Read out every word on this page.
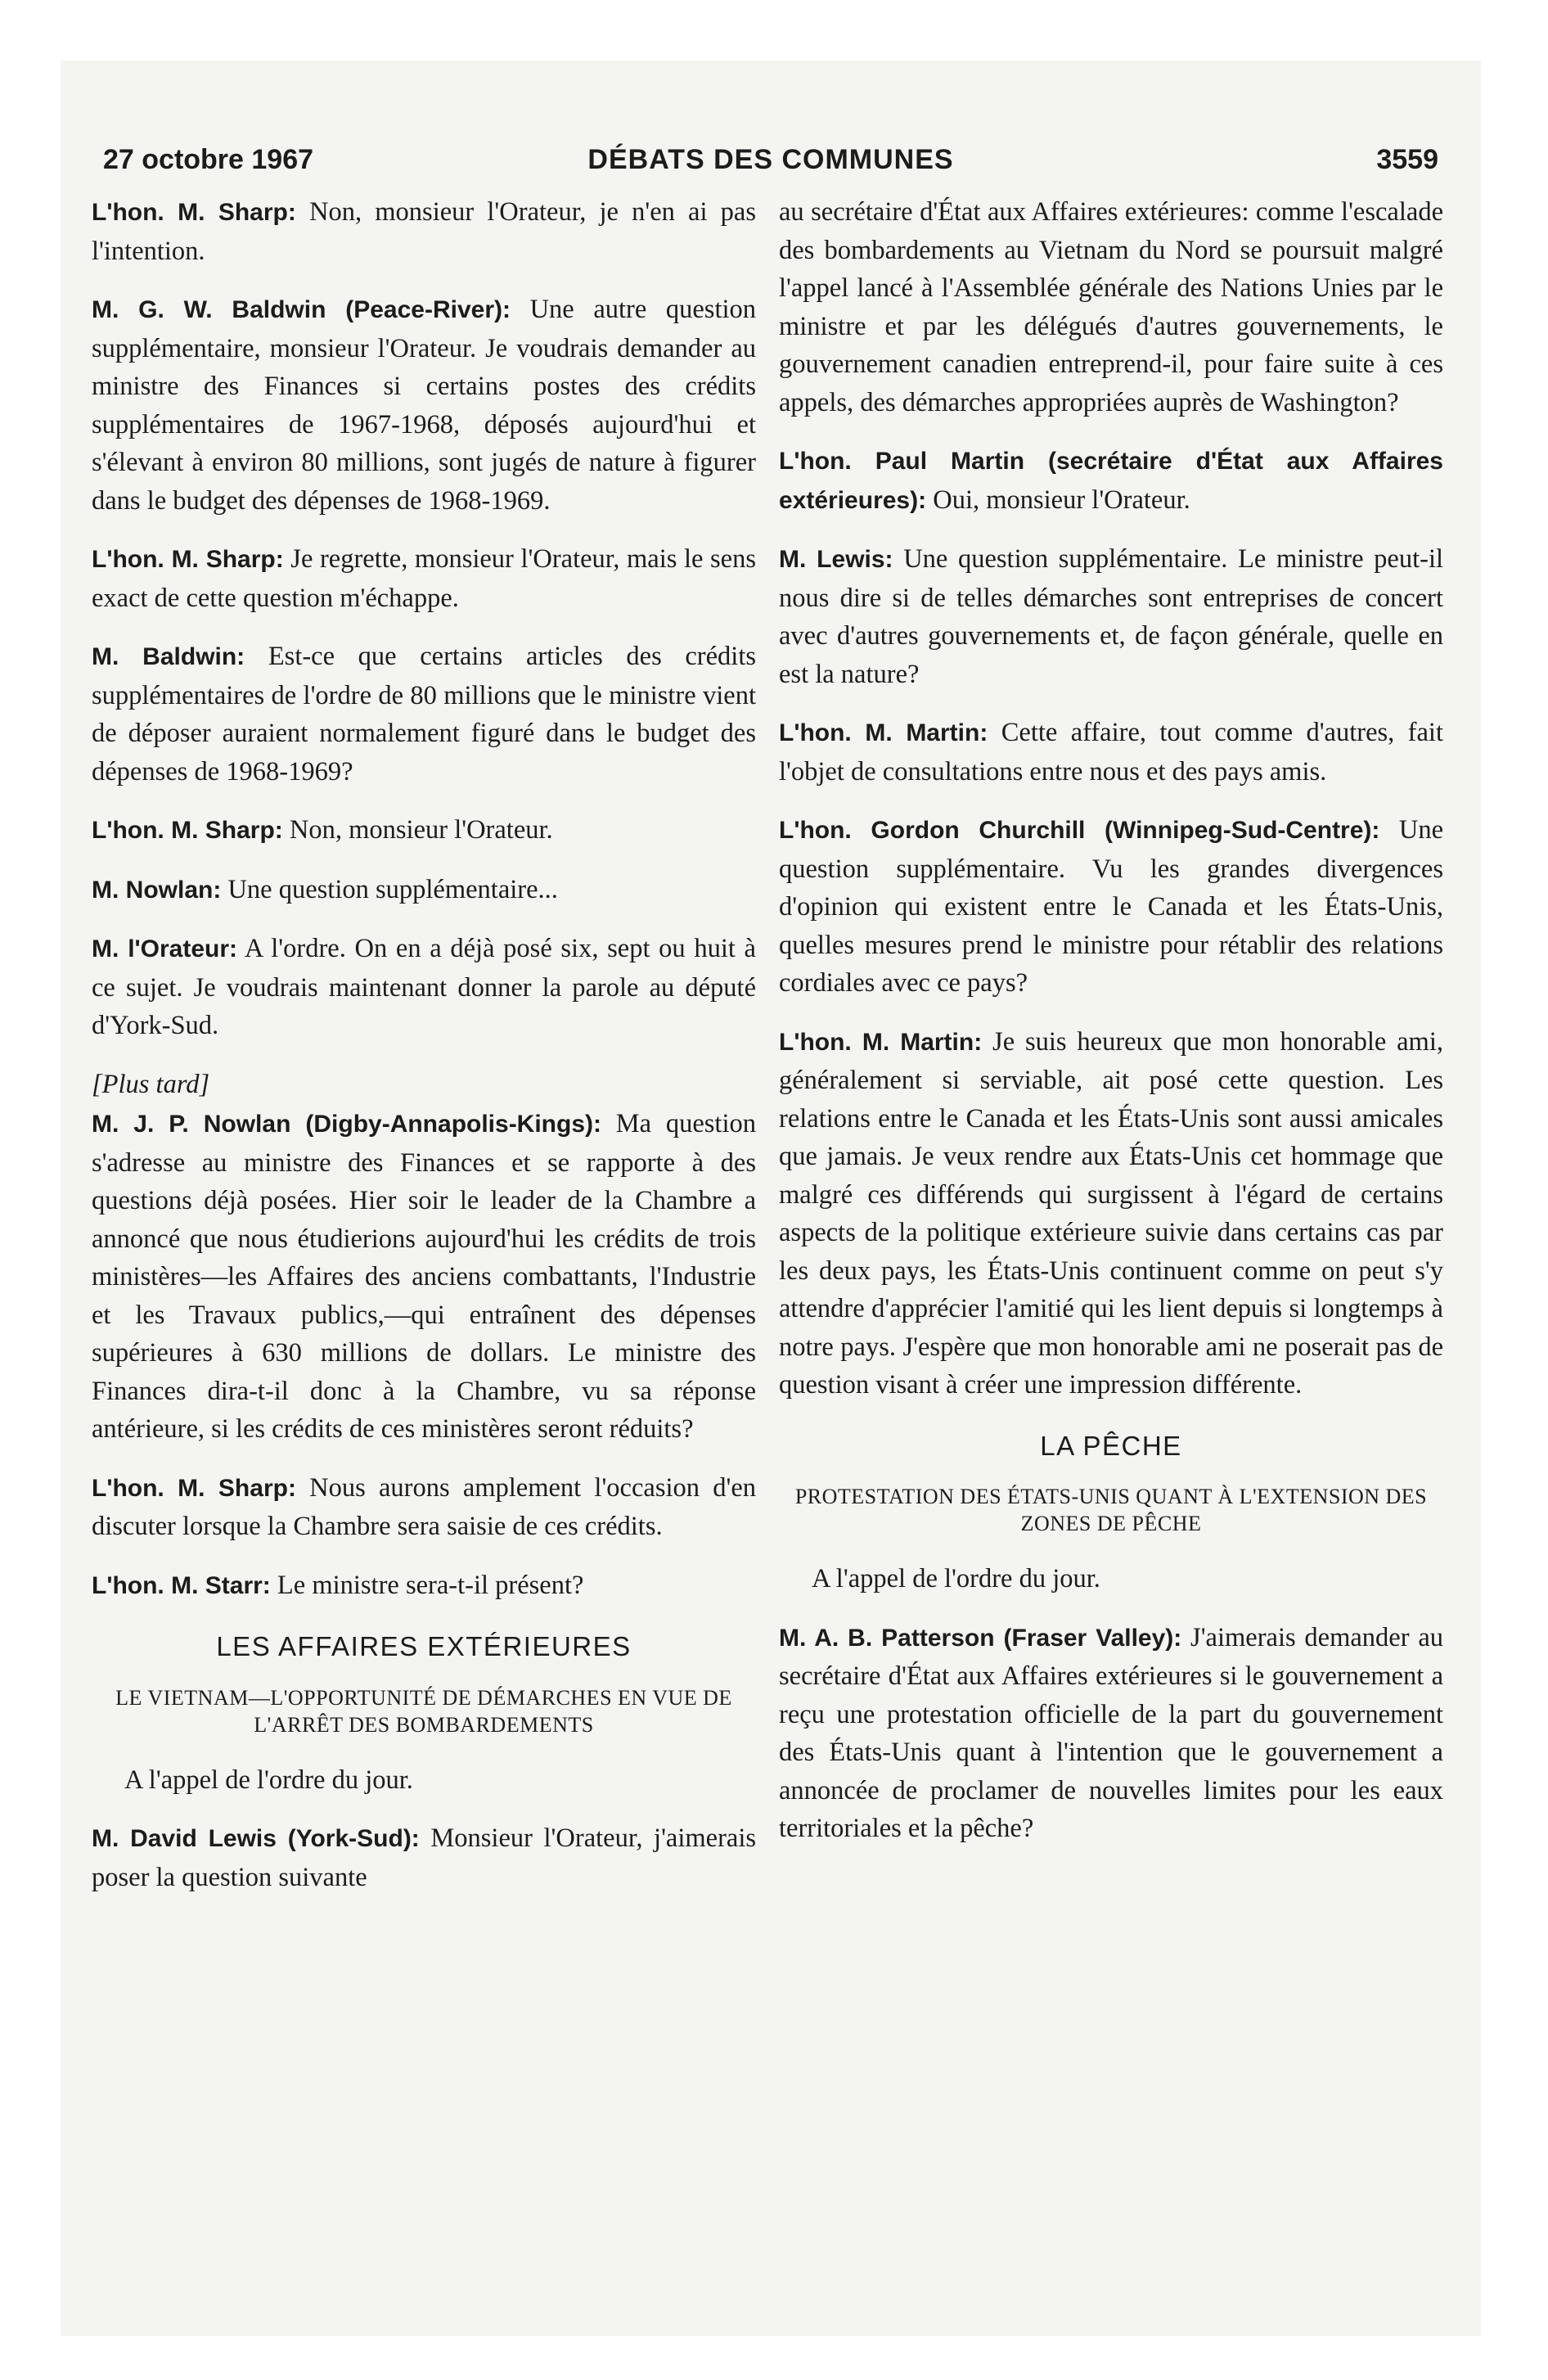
27 octobre 1967	DÉBATS DES COMMUNES	3559

L'hon. M. Sharp: Non, monsieur l'Orateur, je n'en ai pas l'intention.

M. G. W. Baldwin (Peace-River): Une autre question supplémentaire, monsieur l'Orateur. Je voudrais demander au ministre des Finances si certains postes des crédits supplémentaires de 1967-1968, déposés aujourd'hui et s'élevant à environ 80 millions, sont jugés de nature à figurer dans le budget des dépenses de 1968-1969.

L'hon. M. Sharp: Je regrette, monsieur l'Orateur, mais le sens exact de cette question m'échappe.

M. Baldwin: Est-ce que certains articles des crédits supplémentaires de l'ordre de 80 millions que le ministre vient de déposer auraient normalement figuré dans le budget des dépenses de 1968-1969?

L'hon. M. Sharp: Non, monsieur l'Orateur.

M. Nowlan: Une question supplémentaire...

M. l'Orateur: A l'ordre. On en a déjà posé six, sept ou huit à ce sujet. Je voudrais maintenant donner la parole au député d'York-Sud.

[Plus tard]

M. J. P. Nowlan (Digby-Annapolis-Kings): Ma question s'adresse au ministre des Finances et se rapporte à des questions déjà posées. Hier soir le leader de la Chambre a annoncé que nous étudierions aujourd'hui les crédits de trois ministères—les Affaires des anciens combattants, l'Industrie et les Travaux publics,—qui entraînent des dépenses supérieures à 630 millions de dollars. Le ministre des Finances dira-t-il donc à la Chambre, vu sa réponse antérieure, si les crédits de ces ministères seront réduits?

L'hon. M. Sharp: Nous aurons amplement l'occasion d'en discuter lorsque la Chambre sera saisie de ces crédits.

L'hon. M. Starr: Le ministre sera-t-il présent?

LES AFFAIRES EXTÉRIEURES
LE VIETNAM—L'OPPORTUNITÉ DE DÉMARCHES EN VUE DE L'ARRÊT DES BOMBARDEMENTS

A l'appel de l'ordre du jour.

M. David Lewis (York-Sud): Monsieur l'Orateur, j'aimerais poser la question suivante

au secrétaire d'État aux Affaires extérieures: comme l'escalade des bombardements au Vietnam du Nord se poursuit malgré l'appel lancé à l'Assemblée générale des Nations Unies par le ministre et par les délégués d'autres gouvernements, le gouvernement canadien entreprend-il, pour faire suite à ces appels, des démarches appropriées auprès de Washington?

L'hon. Paul Martin (secrétaire d'État aux Affaires extérieures): Oui, monsieur l'Orateur.

M. Lewis: Une question supplémentaire. Le ministre peut-il nous dire si de telles démarches sont entreprises de concert avec d'autres gouvernements et, de façon générale, quelle en est la nature?

L'hon. M. Martin: Cette affaire, tout comme d'autres, fait l'objet de consultations entre nous et des pays amis.

L'hon. Gordon Churchill (Winnipeg-Sud-Centre): Une question supplémentaire. Vu les grandes divergences d'opinion qui existent entre le Canada et les États-Unis, quelles mesures prend le ministre pour rétablir des relations cordiales avec ce pays?

L'hon. M. Martin: Je suis heureux que mon honorable ami, généralement si serviable, ait posé cette question. Les relations entre le Canada et les États-Unis sont aussi amicales que jamais. Je veux rendre aux États-Unis cet hommage que malgré ces différends qui surgissent à l'égard de certains aspects de la politique extérieure suivie dans certains cas par les deux pays, les États-Unis continuent comme on peut s'y attendre d'apprécier l'amitié qui les lient depuis si longtemps à notre pays. J'espère que mon honorable ami ne poserait pas de question visant à créer une impression différente.

LA PÊCHE
PROTESTATION DES ÉTATS-UNIS QUANT À L'EXTENSION DES ZONES DE PÊCHE

A l'appel de l'ordre du jour.

M. A. B. Patterson (Fraser Valley): J'aimerais demander au secrétaire d'État aux Affaires extérieures si le gouvernement a reçu une protestation officielle de la part du gouvernement des États-Unis quant à l'intention que le gouvernement a annoncée de proclamer de nouvelles limites pour les eaux territoriales et la pêche?
